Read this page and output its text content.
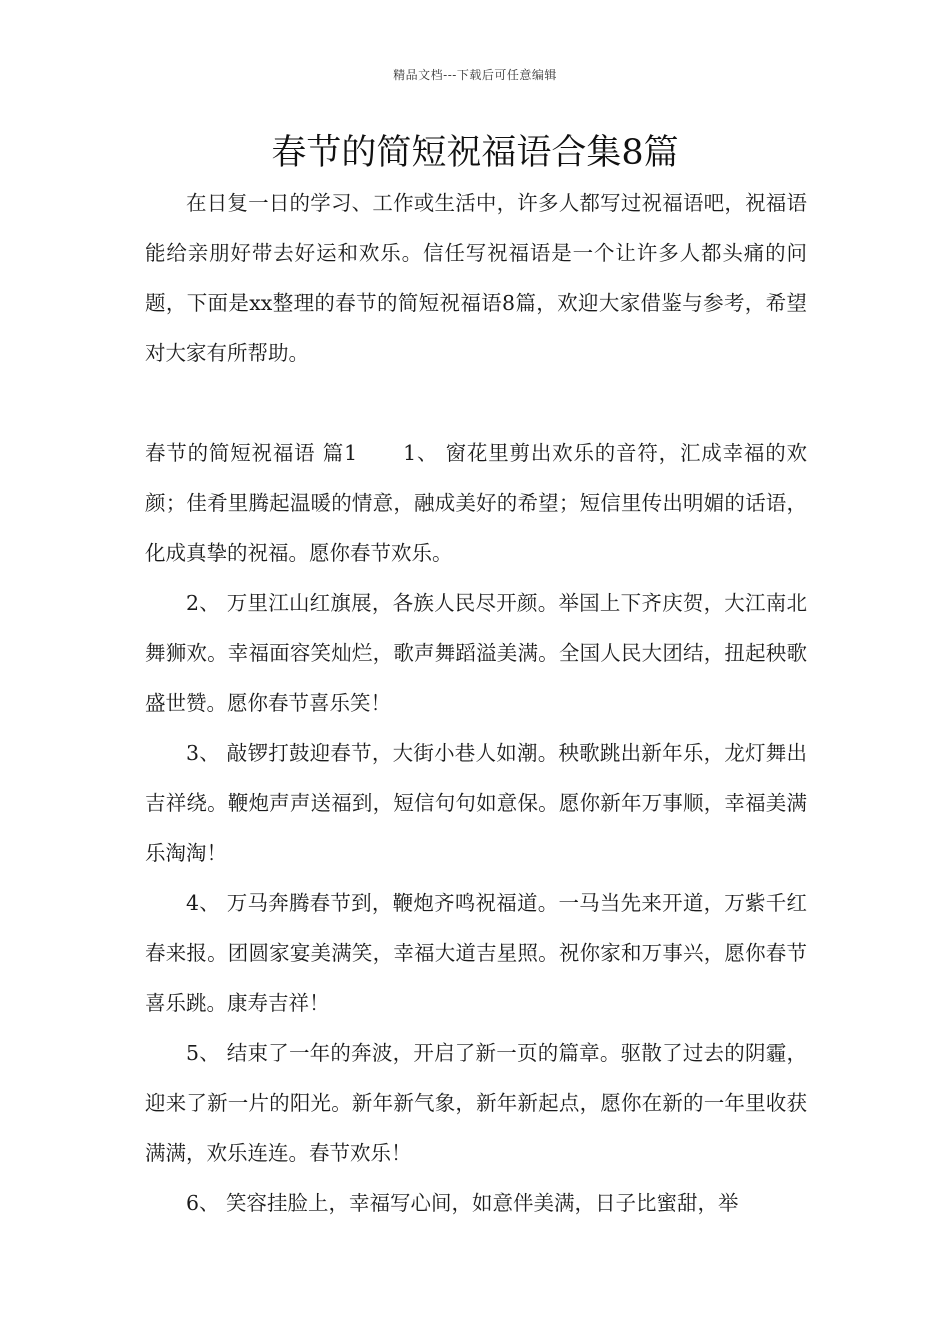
精品文档---下载后可任意编辑
春节的简短祝福语合集8篇

在日复一日的学习、工作或生活中，许多人都写过祝福语吧，祝福语能给亲朋好带去好运和欢乐。信任写祝福语是一个让许多人都头痛的问题，下面是xx整理的春节的简短祝福语8篇，欢迎大家借鉴与参考，希望对大家有所帮助。

春节的简短祝福语 篇1 1、 窗花里剪出欢乐的音符，汇成幸福的欢颜；佳肴里腾起温暖的情意，融成美好的希望；短信里传出明媚的话语，化成真挚的祝福。愿你春节欢乐。

2、 万里江山红旗展，各族人民尽开颜。举国上下齐庆贺，大江南北舞狮欢。幸福面容笑灿烂，歌声舞蹈溢美满。全国人民大团结，扭起秧歌盛世赞。愿你春节喜乐笑！

3、 敲锣打鼓迎春节，大街小巷人如潮。秧歌跳出新年乐，龙灯舞出吉祥绕。鞭炮声声送福到，短信句句如意保。愿你新年万事顺，幸福美满乐淘淘！

4、 万马奔腾春节到，鞭炮齐鸣祝福道。一马当先来开道，万紫千红春来报。团圆家宴美满笑，幸福大道吉星照。祝你家和万事兴，愿你春节喜乐跳。康寿吉祥！

5、 结束了一年的奔波，开启了新一页的篇章。驱散了过去的阴霾，迎来了新一片的阳光。新年新气象，新年新起点，愿你在新的一年里收获满满，欢乐连连。春节欢乐！

6、 笑容挂脸上，幸福写心间，如意伴美满，日子比蜜甜，举
